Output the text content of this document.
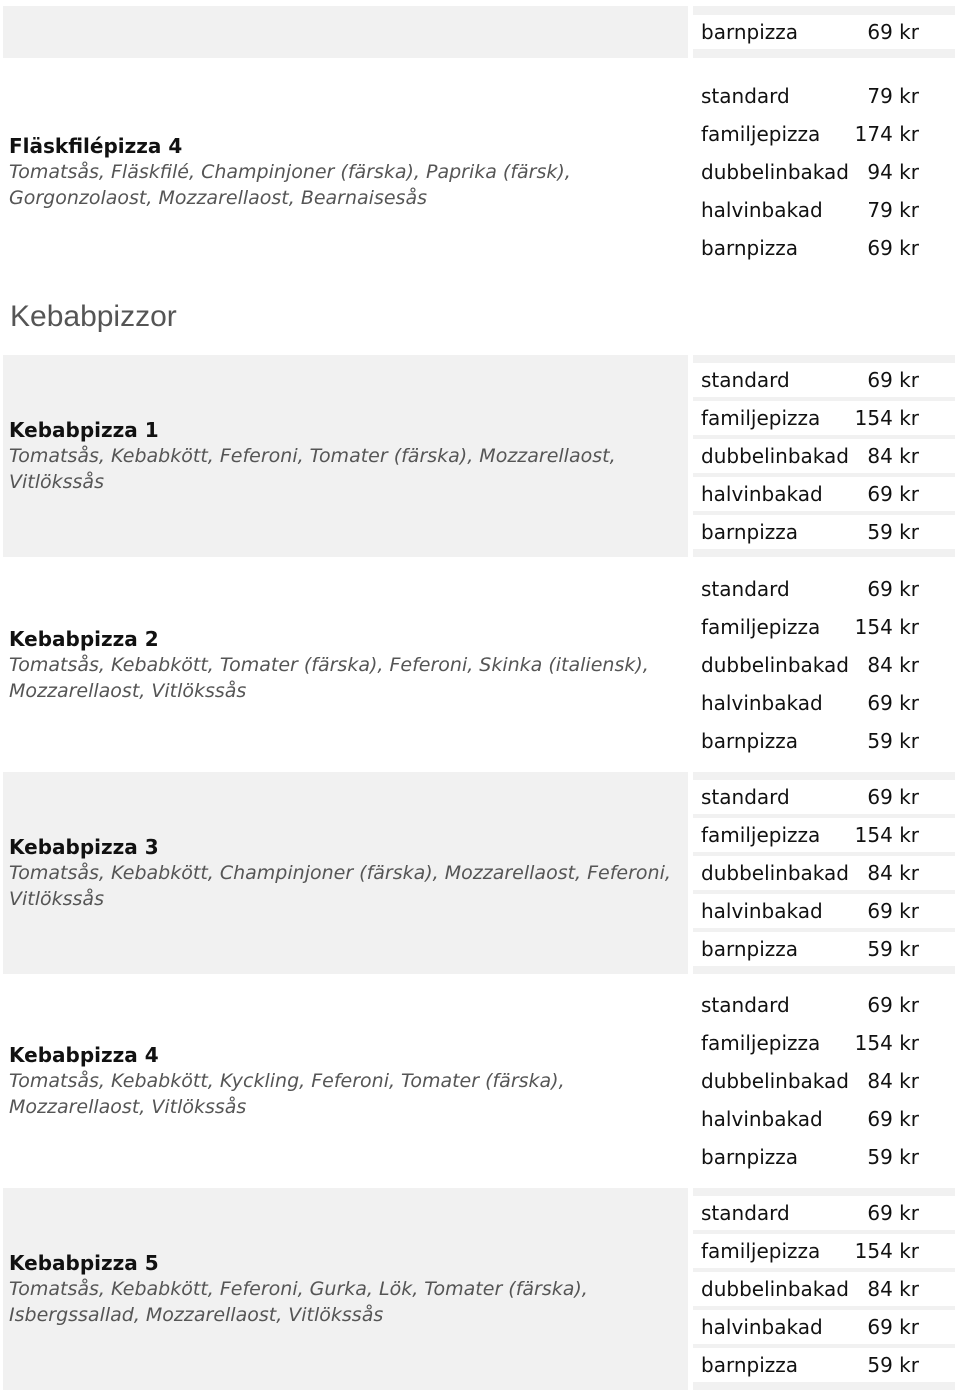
barnpizza	69 kr
Fläskfilépizza 4
Tomatsås, Fläskfilé, Champinjoner (färska), Paprika (färsk), Gorgonzolaost, Mozzarellaost, Bearnaisesås
standard	79 kr
familjepizza 174 kr
dubbelinbakad 94 kr
halvinbakad 79 kr
barnpizza	69 kr
Kebabpizzor
Kebabpizza 1
Tomatsås, Kebabkött, Feferoni, Tomater (färska), Mozzarellaost, Vitlökssås
standard	69 kr
familjepizza 154 kr
dubbelinbakad 84 kr
halvinbakad 69 kr
barnpizza	59 kr
Kebabpizza 2
Tomatsås, Kebabkött, Tomater (färska), Feferoni, Skinka (italiensk), Mozzarellaost, Vitlökssås
standard	69 kr
familjepizza 154 kr
dubbelinbakad 84 kr
halvinbakad 69 kr
barnpizza	59 kr
Kebabpizza 3
Tomatsås, Kebabkött, Champinjoner (färska), Mozzarellaost, Feferoni, Vitlökssås
standard	69 kr
familjepizza 154 kr
dubbelinbakad 84 kr
halvinbakad 69 kr
barnpizza	59 kr
Kebabpizza 4
Tomatsås, Kebabkött, Kyckling, Feferoni, Tomater (färska), Mozzarellaost, Vitlökssås
standard	69 kr
familjepizza 154 kr
dubbelinbakad 84 kr
halvinbakad 69 kr
barnpizza	59 kr
Kebabpizza 5
Tomatsås, Kebabkött, Feferoni, Gurka, Lök, Tomater (färska), Isbergssallad, Mozzarellaost, Vitlökssås
standard	69 kr
familjepizza 154 kr
dubbelinbakad 84 kr
halvinbakad 69 kr
barnpizza	59 kr
